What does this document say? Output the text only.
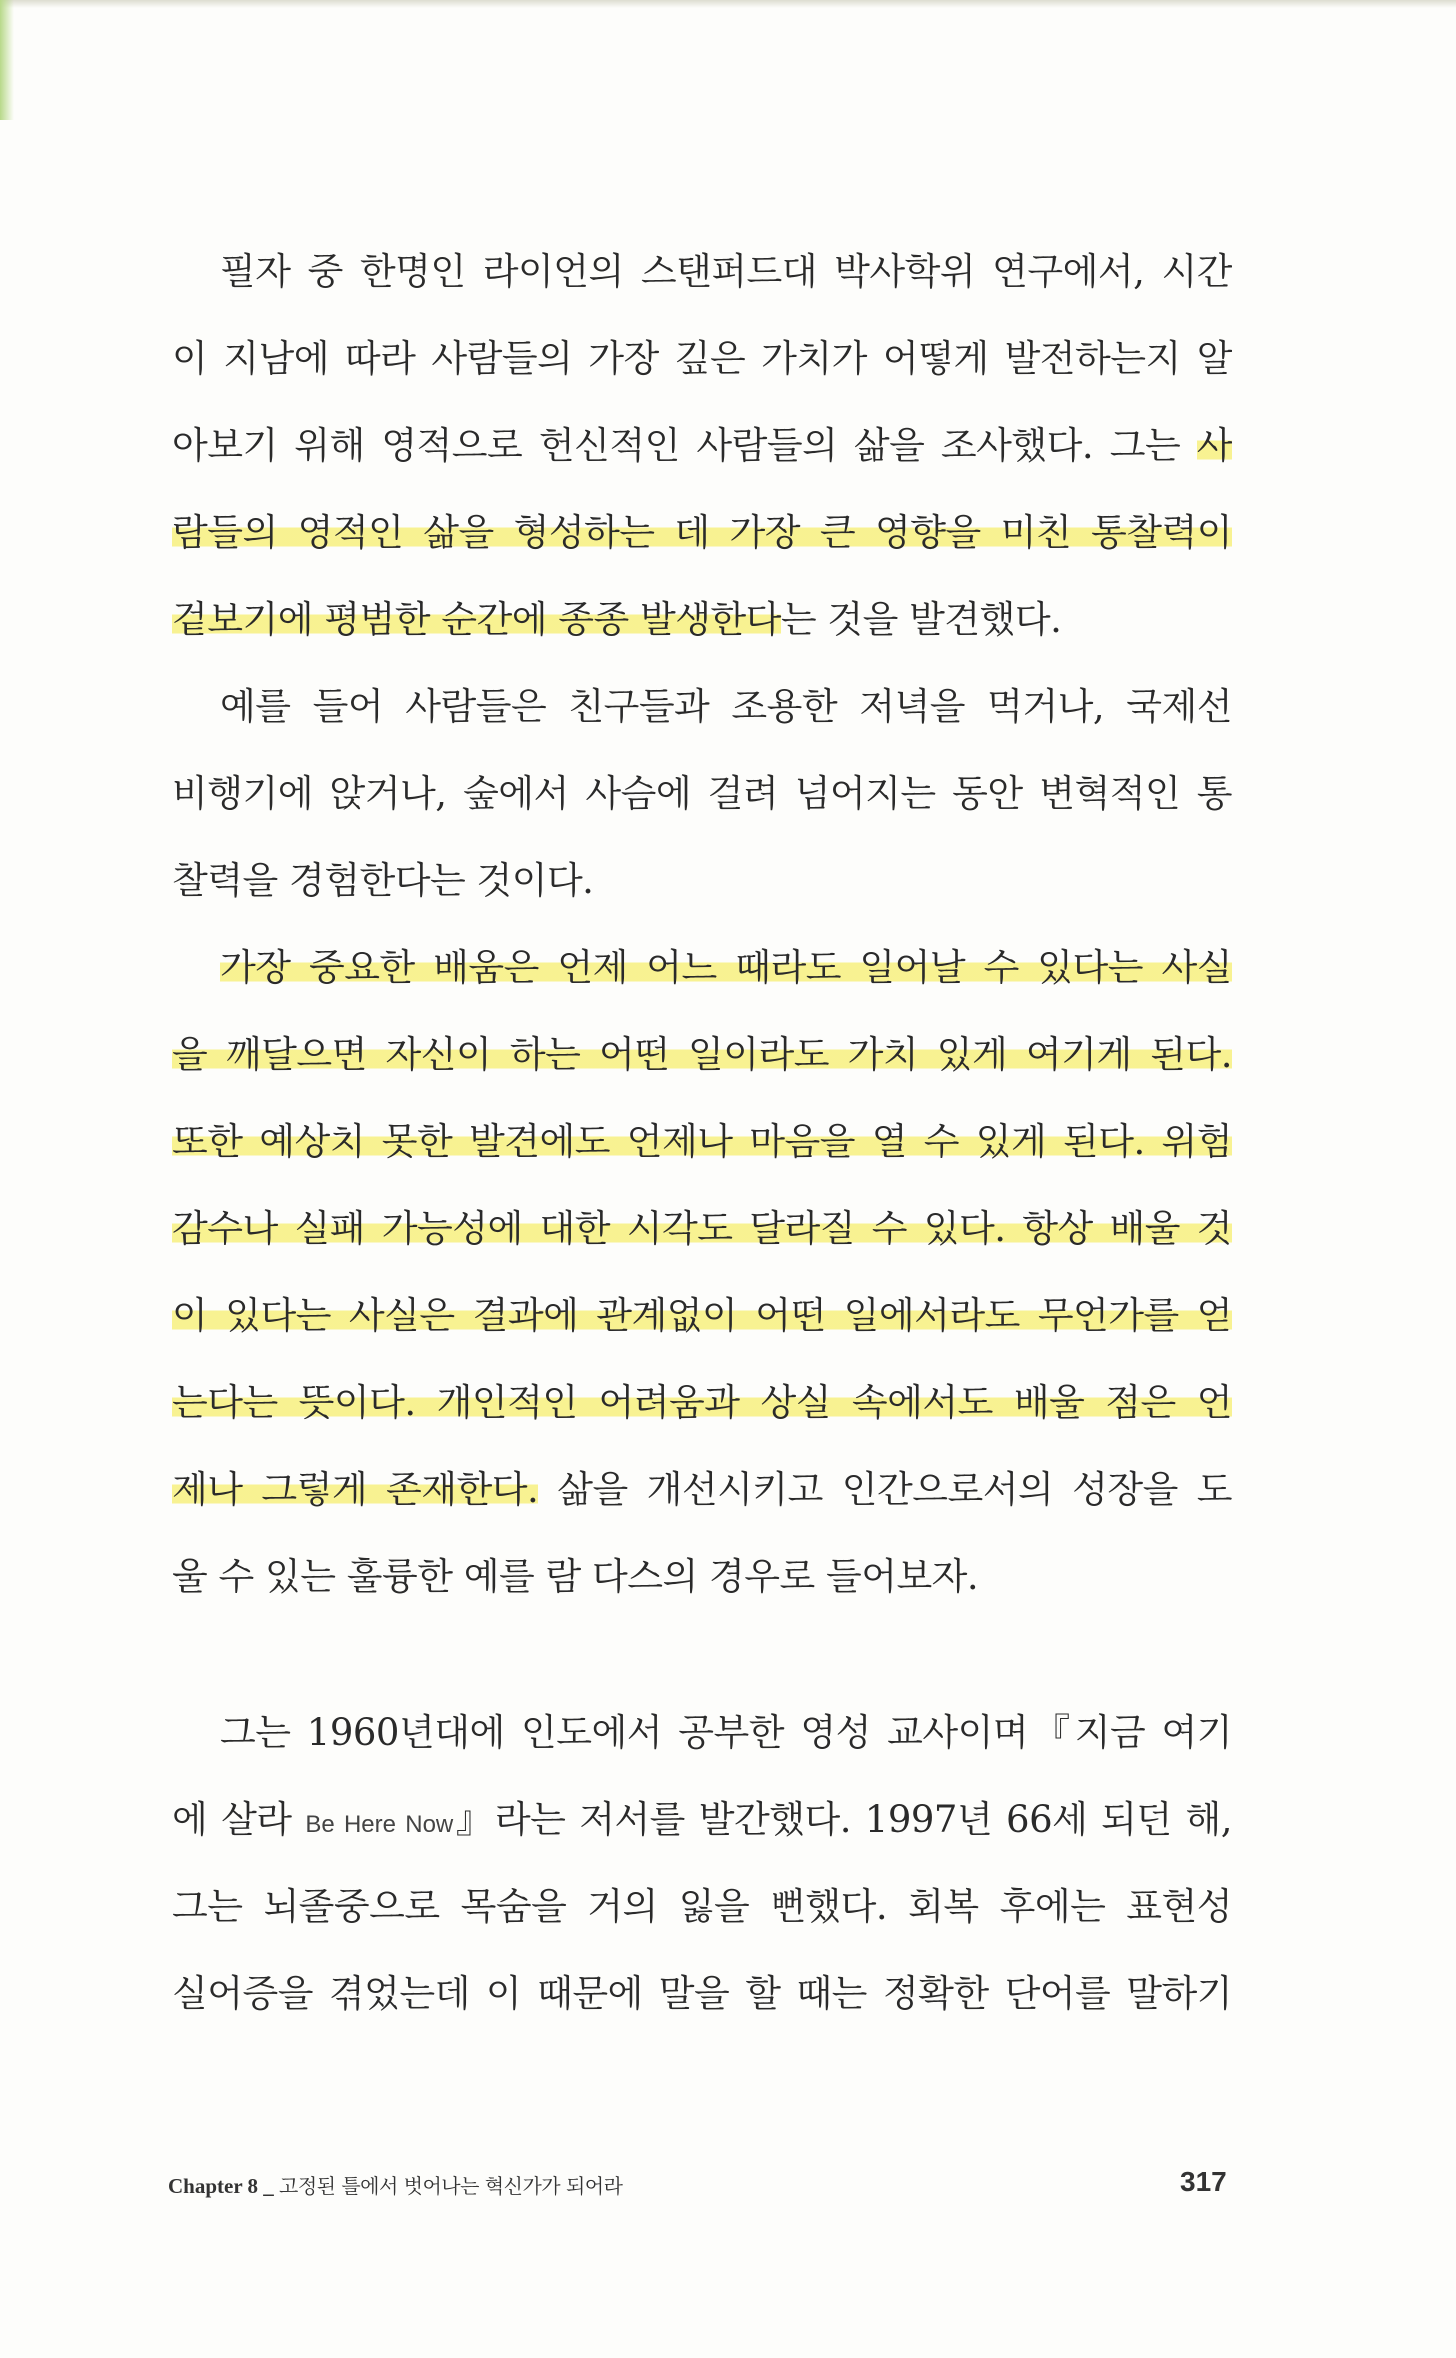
필자 중 한명인 라이언의 스탠퍼드대 박사학위 연구에서, 시간
이 지남에 따라 사람들의 가장 깊은 가치가 어떻게 발전하는지 알
아보기 위해 영적으로 헌신적인 사람들의 삶을 조사했다. 그는 사
람들의 영적인 삶을 형성하는 데 가장 큰 영향을 미친 통찰력이
겉보기에 평범한 순간에 종종 발생한다는 것을 발견했다.
예를 들어 사람들은 친구들과 조용한 저녁을 먹거나, 국제선
비행기에 앉거나, 숲에서 사슴에 걸려 넘어지는 동안 변혁적인 통
찰력을 경험한다는 것이다.
가장 중요한 배움은 언제 어느 때라도 일어날 수 있다는 사실
을 깨달으면 자신이 하는 어떤 일이라도 가치 있게 여기게 된다.
또한 예상치 못한 발견에도 언제나 마음을 열 수 있게 된다. 위험
감수나 실패 가능성에 대한 시각도 달라질 수 있다. 항상 배울 것
이 있다는 사실은 결과에 관계없이 어떤 일에서라도 무언가를 얻
는다는 뜻이다. 개인적인 어려움과 상실 속에서도 배울 점은 언
제나 그렇게 존재한다. 삶을 개선시키고 인간으로서의 성장을 도
울 수 있는 훌륭한 예를 람 다스의 경우로 들어보자.
그는 1960년대에 인도에서 공부한 영성 교사이며『지금 여기
에 살라 Be Here Now』라는 저서를 발간했다. 1997년 66세 되던 해,
그는 뇌졸중으로 목숨을 거의 잃을 뻔했다. 회복 후에는 표현성
실어증을 겪었는데 이 때문에 말을 할 때는 정확한 단어를 말하기
Chapter 8 _ 고정된 틀에서 벗어나는 혁신가가 되어라	317
